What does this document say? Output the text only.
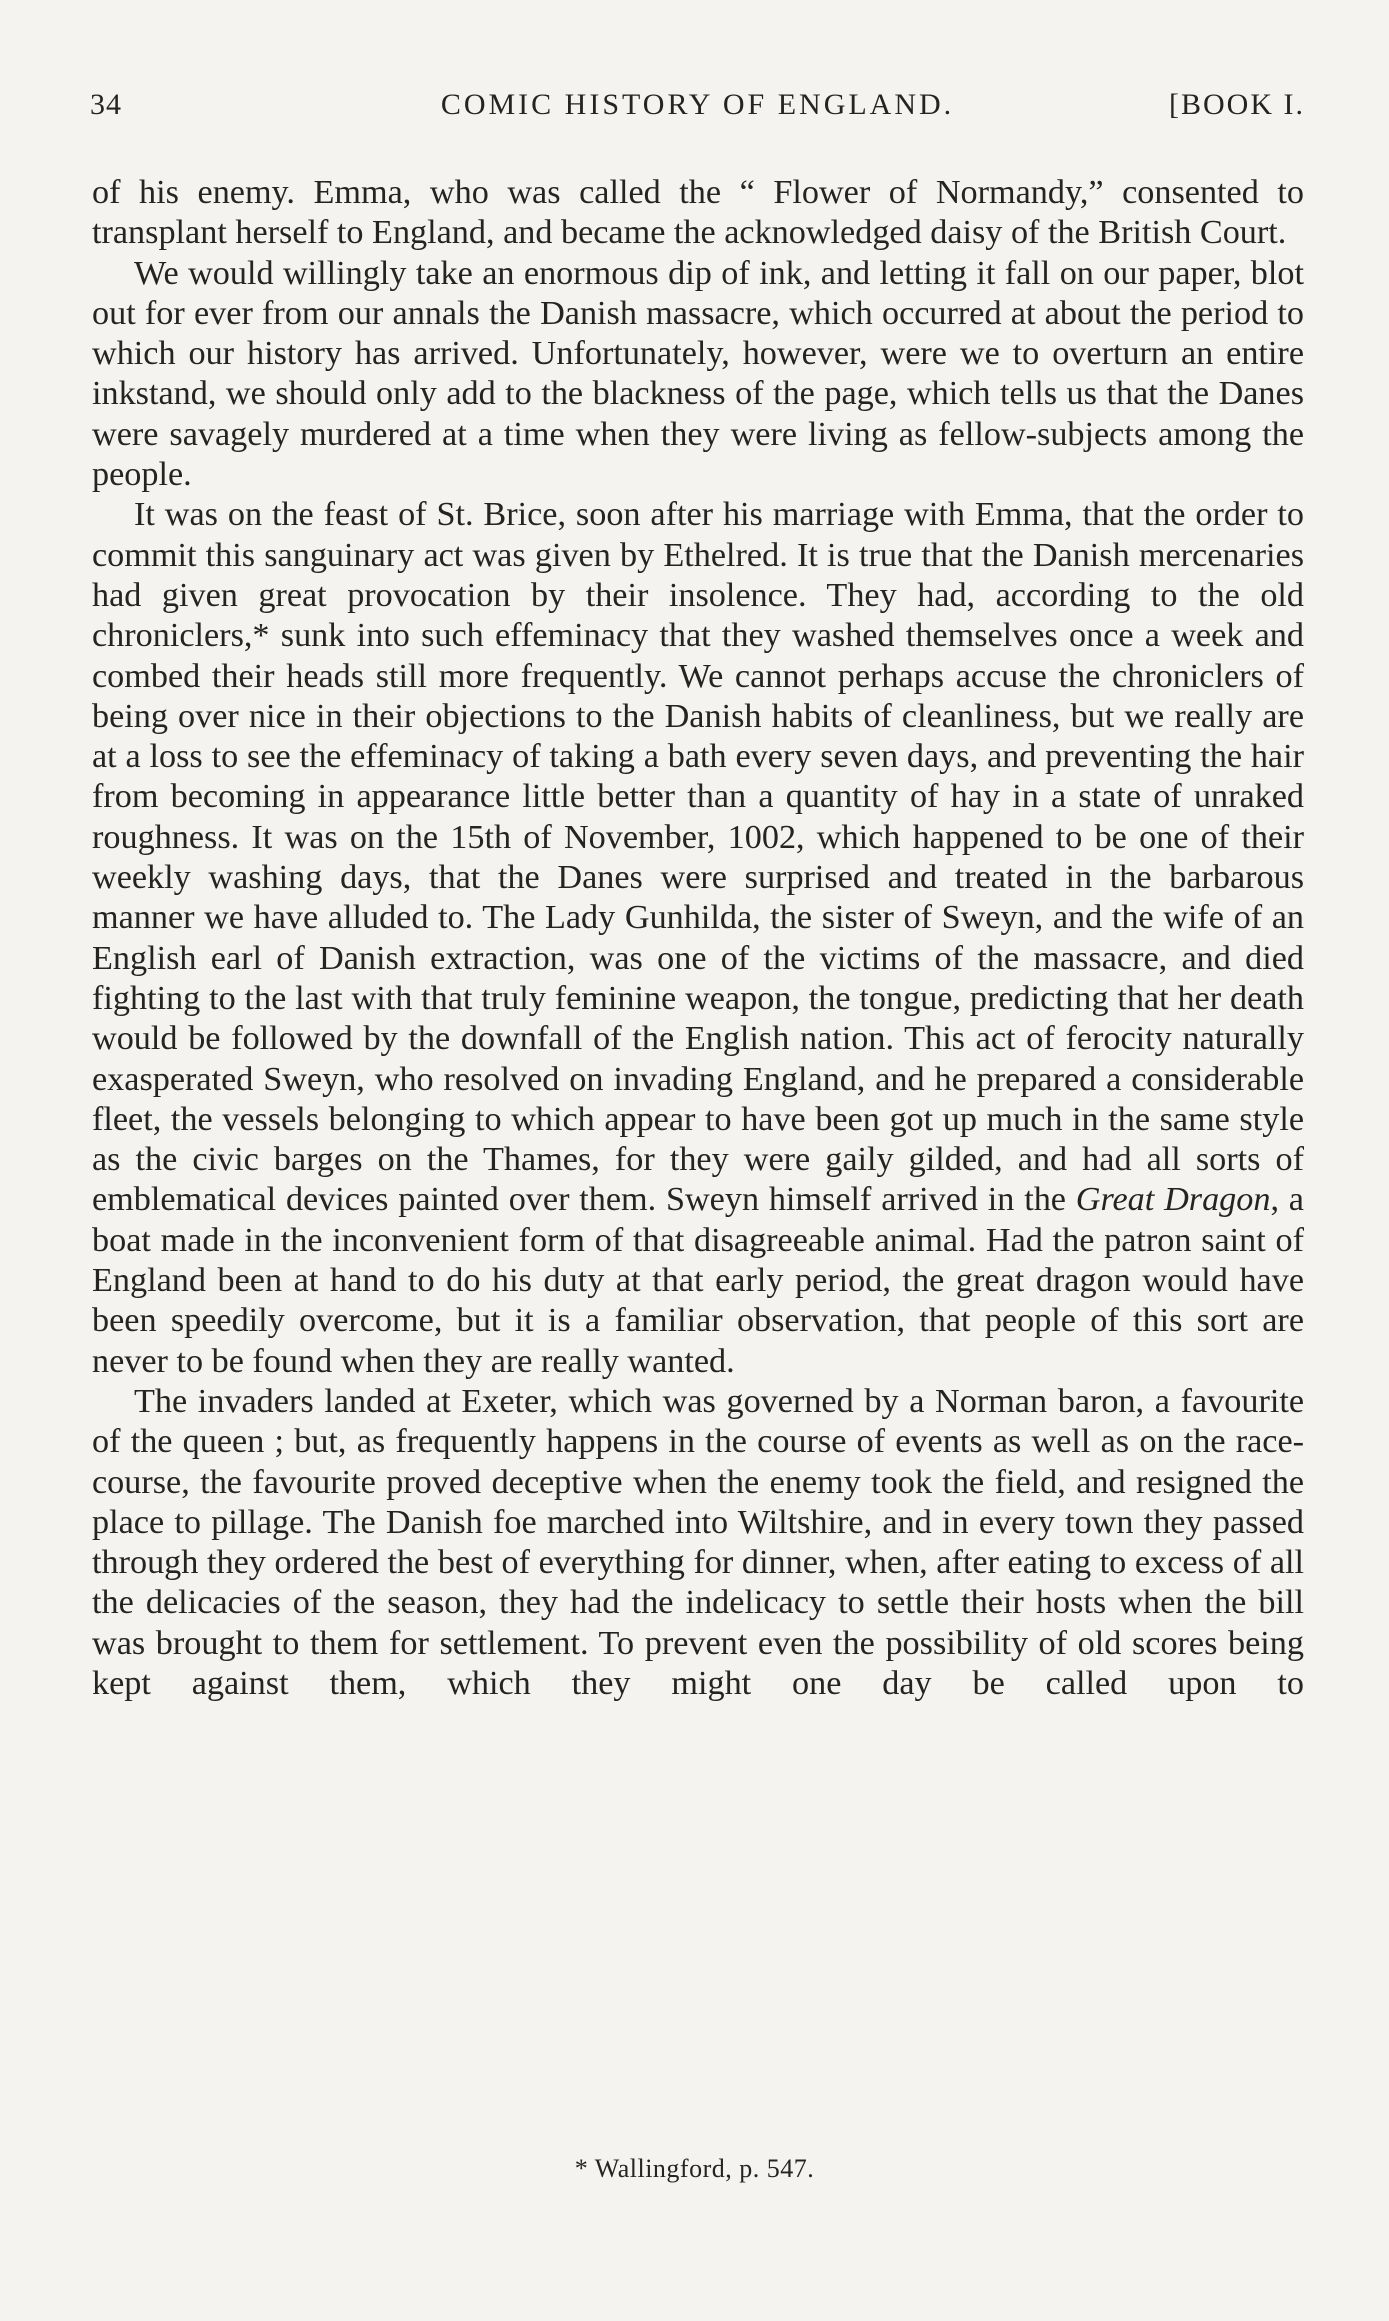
34	COMIC HISTORY OF ENGLAND.	[BOOK I.

of his enemy. Emma, who was called the “ Flower of Normandy,” consented to transplant herself to England, and became the acknowledged daisy of the British Court.

We would willingly take an enormous dip of ink, and letting it fall on our paper, blot out for ever from our annals the Danish massacre, which occurred at about the period to which our history has arrived. Unfortunately, however, were we to overturn an entire inkstand, we should only add to the blackness of the page, which tells us that the Danes were savagely murdered at a time when they were living as fellow-subjects among the people.

It was on the feast of St. Brice, soon after his marriage with Emma, that the order to commit this sanguinary act was given by Ethelred. It is true that the Danish mercenaries had given great provocation by their insolence. They had, according to the old chroniclers,* sunk into such effeminacy that they washed themselves once a week and combed their heads still more frequently. We cannot perhaps accuse the chroniclers of being over nice in their objections to the Danish habits of cleanliness, but we really are at a loss to see the effeminacy of taking a bath every seven days, and preventing the hair from becoming in appearance little better than a quantity of hay in a state of unraked roughness. It was on the 15th of November, 1002, which happened to be one of their weekly washing days, that the Danes were surprised and treated in the barbarous manner we have alluded to. The Lady Gunhilda, the sister of Sweyn, and the wife of an English earl of Danish extraction, was one of the victims of the massacre, and died fighting to the last with that truly feminine weapon, the tongue, predicting that her death would be followed by the downfall of the English nation. This act of ferocity naturally exasperated Sweyn, who resolved on invading England, and he prepared a considerable fleet, the vessels belonging to which appear to have been got up much in the same style as the civic barges on the Thames, for they were gaily gilded, and had all sorts of emblematical devices painted over them. Sweyn himself arrived in the Great Dragon, a boat made in the inconvenient form of that disagreeable animal. Had the patron saint of England been at hand to do his duty at that early period, the great dragon would have been speedily overcome, but it is a familiar observation, that people of this sort are never to be found when they are really wanted.

The invaders landed at Exeter, which was governed by a Norman baron, a favourite of the queen ; but, as frequently happens in the course of events as well as on the race-course, the favourite proved deceptive when the enemy took the field, and resigned the place to pillage. The Danish foe marched into Wiltshire, and in every town they passed through they ordered the best of everything for dinner, when, after eating to excess of all the delicacies of the season, they had the indelicacy to settle their hosts when the bill was brought to them for settlement. To prevent even the possibility of old scores being kept against them, which they might one day be called upon to

* Wallingford, p. 547.
